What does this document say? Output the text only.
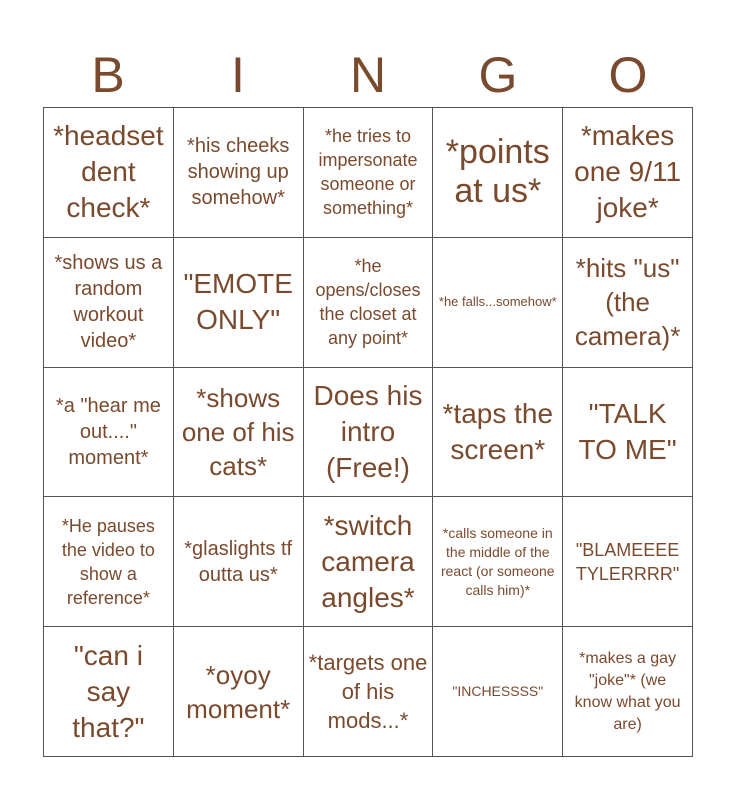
B	I	N	G	O
*headset dent check*
*his cheeks showing up somehow*
*he tries to impersonate someone or something*
*points at us*
*makes one 9/11 joke*
*shows us a random workout video*
"EMOTE ONLY"
*he opens/closes the closet at any point*
*he falls...somehow*
*hits "us" (the camera)*
*a "hear me out...." moment*
*shows one of his cats*
Does his intro (Free!)
*taps the screen*
"TALK TO ME"
*He pauses the video to show a reference*
*glaslights tf outta us*
*switch camera angles*
*calls someone in the middle of the react (or someone calls him)*
"BLAMEEEE TYLERRRR"
"can i say that?"
*oyoy moment*
*targets one of his mods...*
"INCHESSSS"
*makes a gay "joke"* (we know what you are)
